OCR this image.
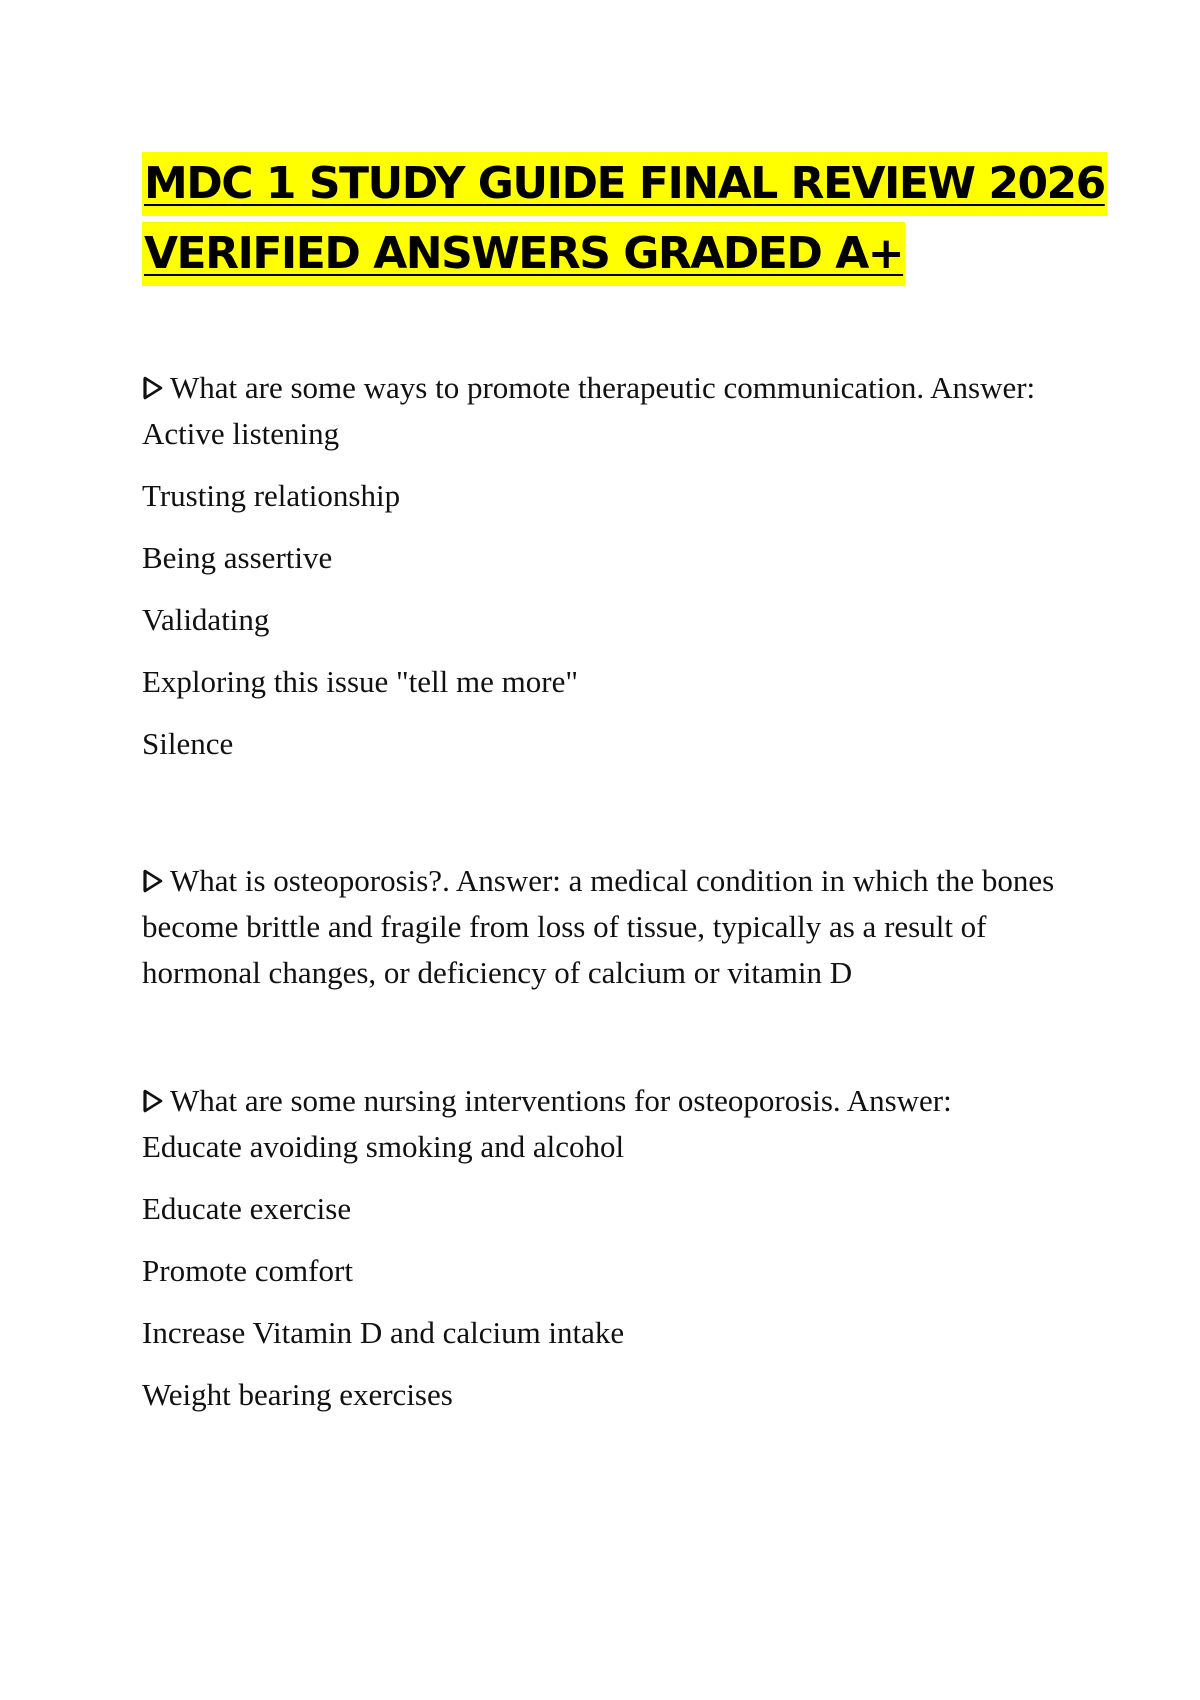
MDC 1 STUDY GUIDE FINAL REVIEW 2026
VERIFIED ANSWERS GRADED A+

What are some ways to promote therapeutic communication. Answer:

Active listening

Trusting relationship

Being assertive

Validating

Exploring this issue "tell me more"

Silence

What is osteoporosis?. Answer: a medical condition in which the bones become brittle and fragile from loss of tissue, typically as a result of hormonal changes, or deficiency of calcium or vitamin D

What are some nursing interventions for osteoporosis. Answer:

Educate avoiding smoking and alcohol

Educate exercise

Promote comfort

Increase Vitamin D and calcium intake

Weight bearing exercises
